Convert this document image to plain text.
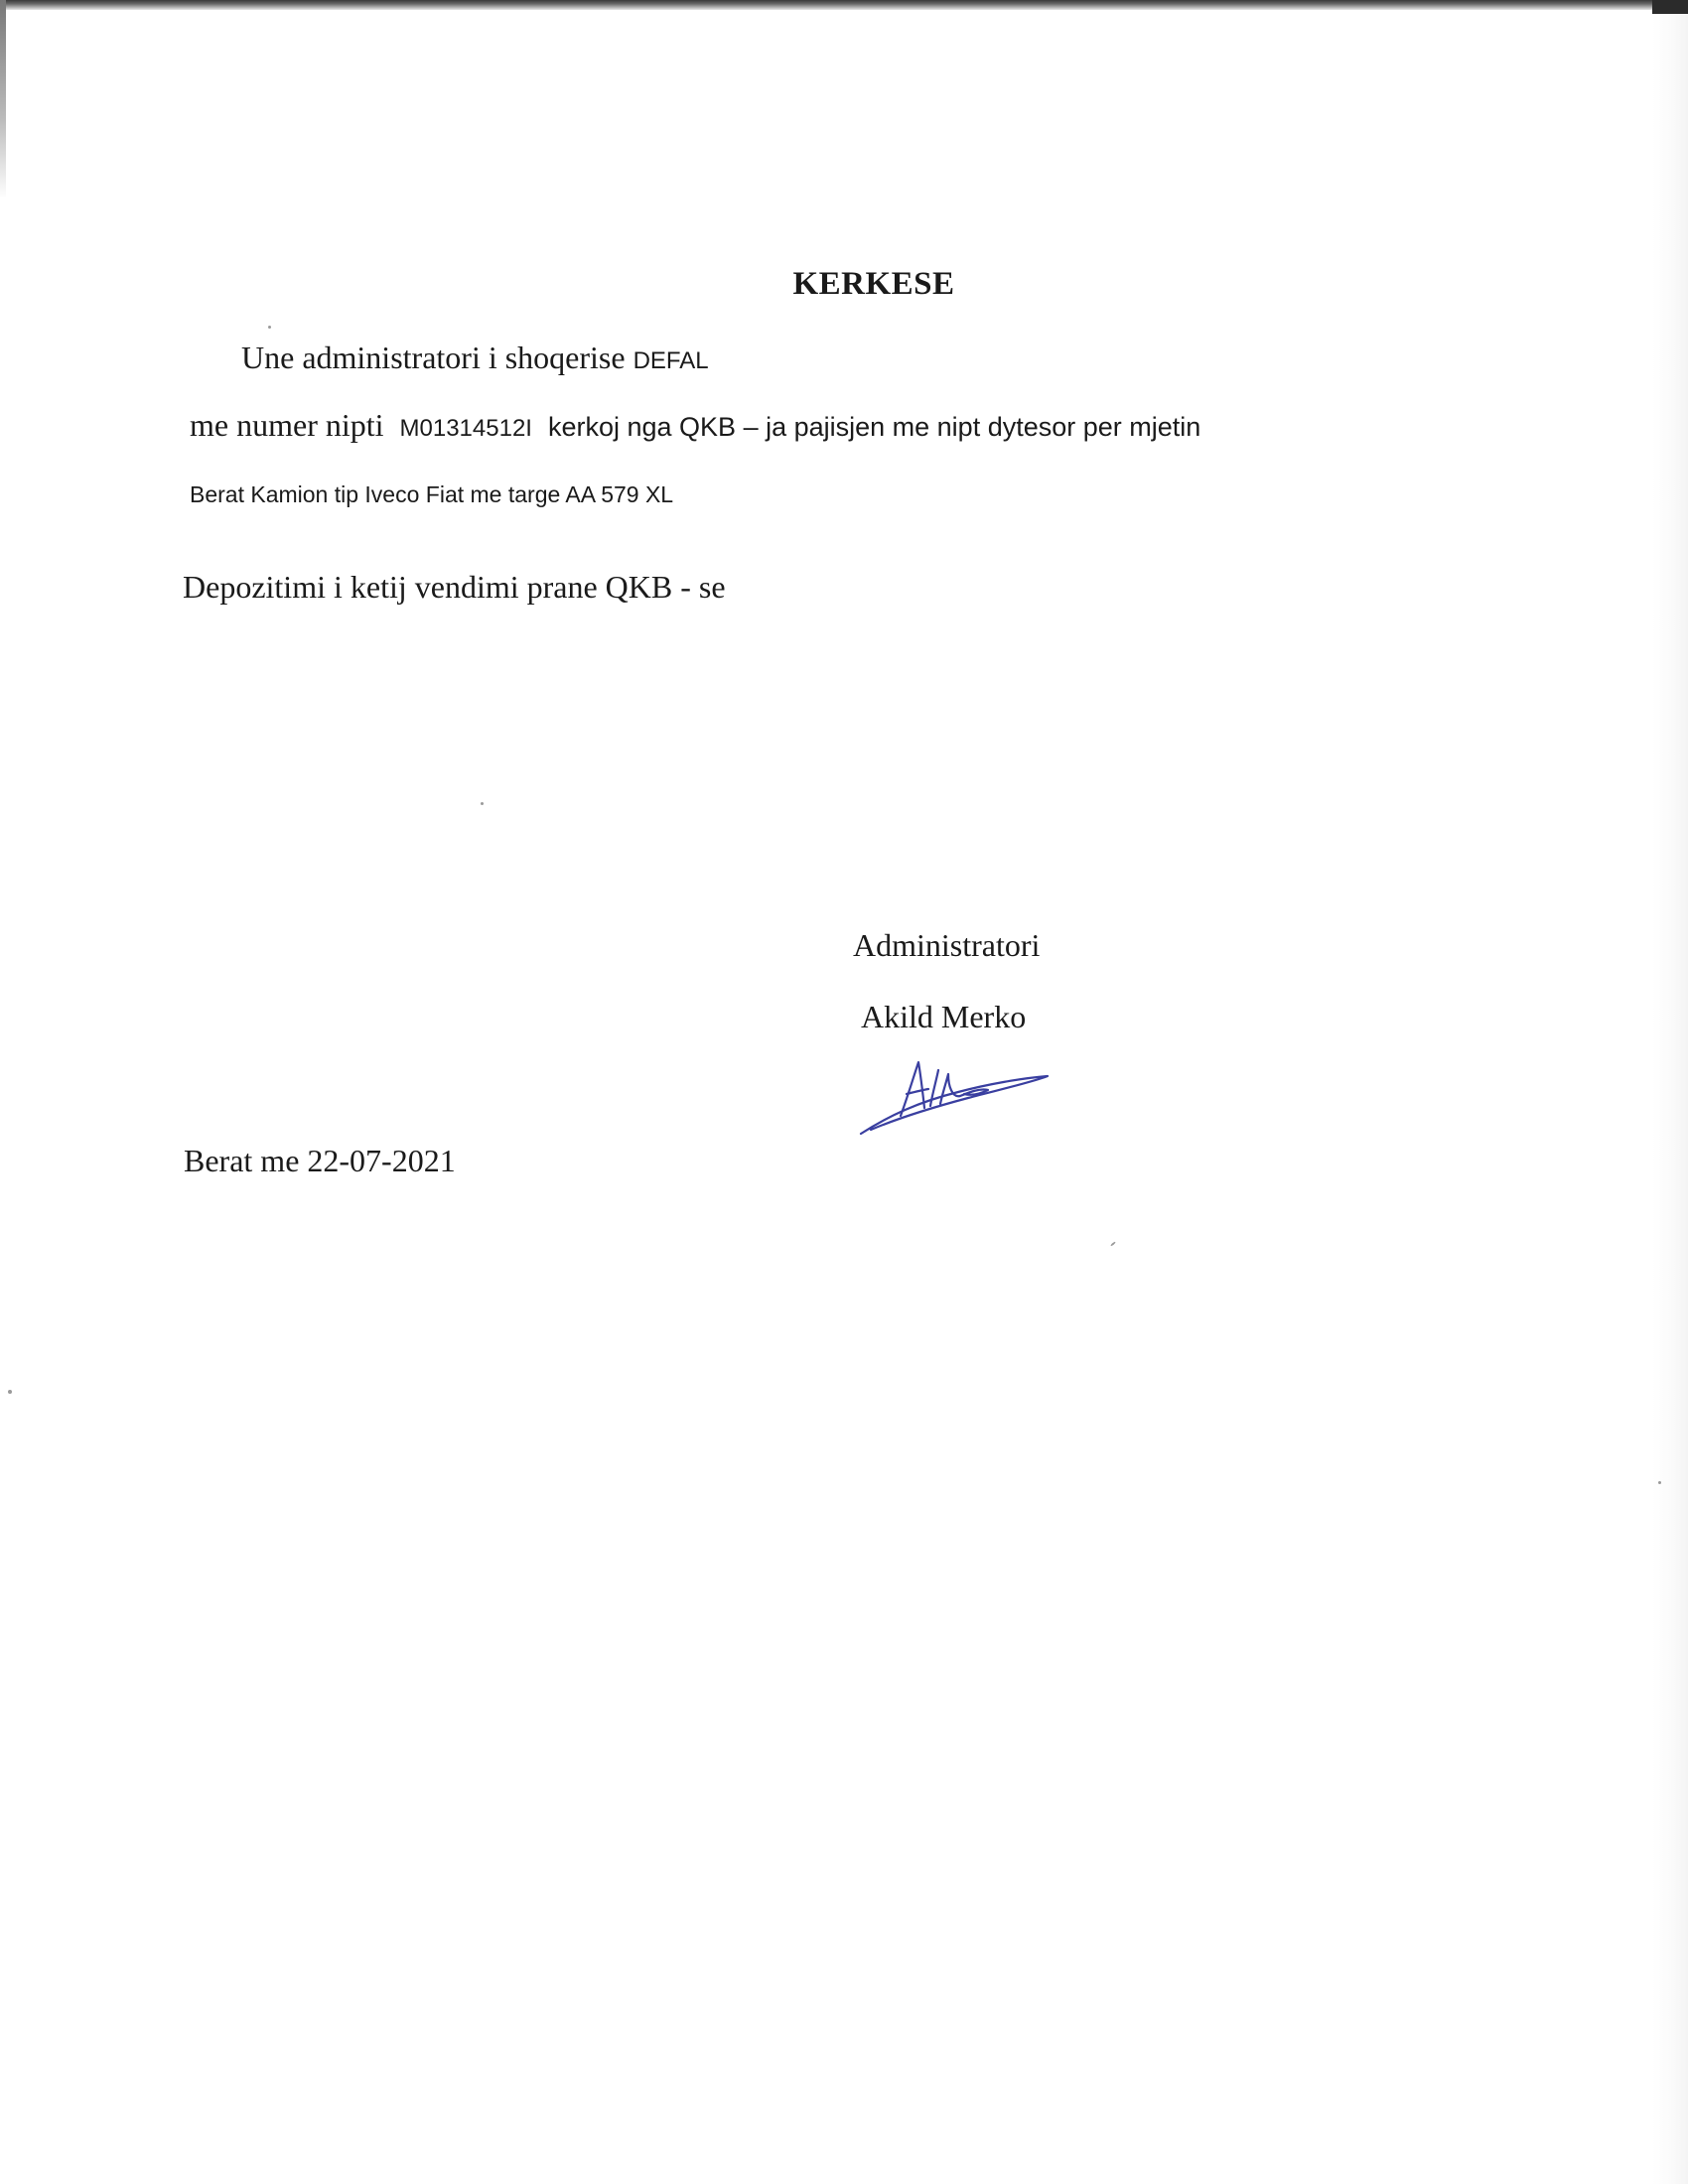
KERKESE
Une administratori i shoqerise DEFAL
me numer nipti M01314512I kerkoj nga QKB – ja pajisjen me nipt dytesor per mjetin
Berat Kamion tip Iveco Fiat me targe AA 579 XL
Depozitimi i ketij vendimi prane QKB - se
Administratori
Akild Merko
Berat me 22-07-2021
